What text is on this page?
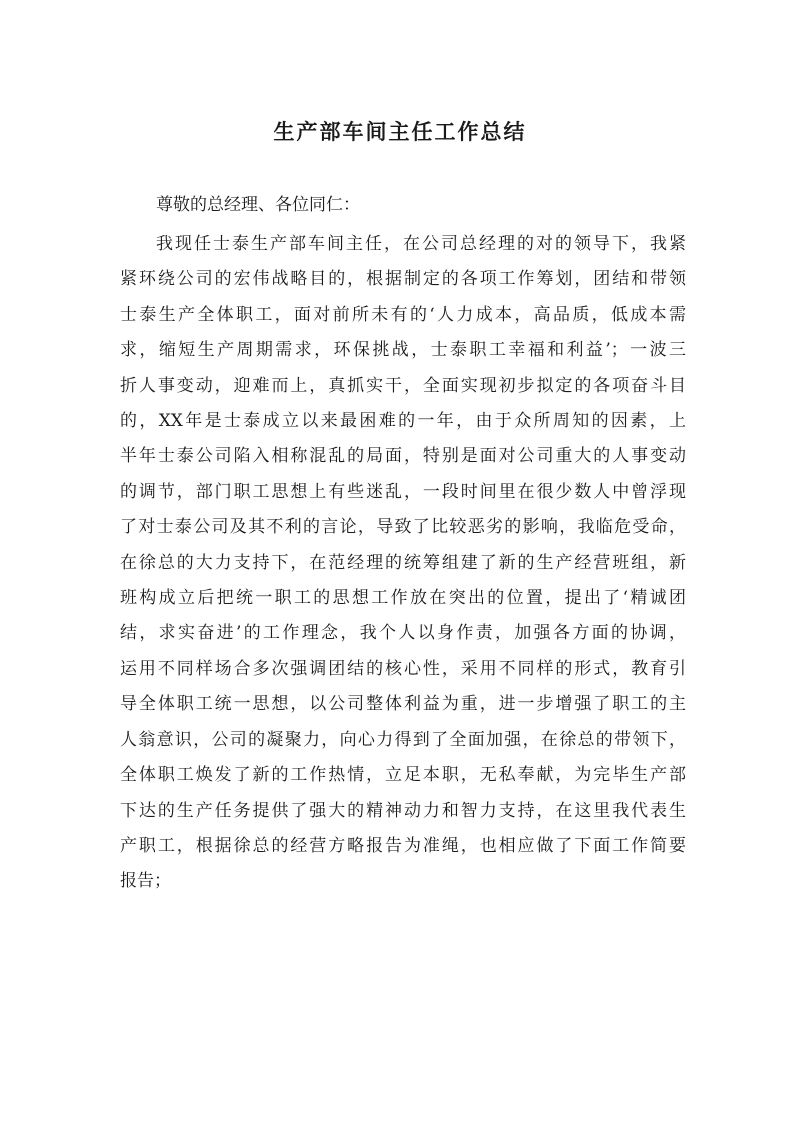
生产部车间主任工作总结

尊敬的总经理、各位同仁：

我现任士泰生产部车间主任，在公司总经理的对的领导下，我紧
紧环绕公司的宏伟战略目的，根据制定的各项工作筹划，团结和带领
士泰生产全体职工，面对前所未有的‘人力成本，高品质，低成本需
求，缩短生产周期需求，环保挑战，士泰职工幸福和利益’；一波三
折人事变动，迎难而上，真抓实干，全面实现初步拟定的各项奋斗目
的，XX年是士泰成立以来最困难的一年，由于众所周知的因素，上
半年士泰公司陷入相称混乱的局面，特别是面对公司重大的人事变动
的调节，部门职工思想上有些迷乱，一段时间里在很少数人中曾浮现
了对士泰公司及其不利的言论，导致了比较恶劣的影响，我临危受命，
在徐总的大力支持下，在范经理的统筹组建了新的生产经营班组，新
班构成立后把统一职工的思想工作放在突出的位置，提出了‘精诚团
结，求实奋进’的工作理念，我个人以身作责，加强各方面的协调，
运用不同样场合多次强调团结的核心性，采用不同样的形式，教育引
导全体职工统一思想，以公司整体利益为重，进一步增强了职工的主
人翁意识，公司的凝聚力，向心力得到了全面加强，在徐总的带领下，
全体职工焕发了新的工作热情，立足本职，无私奉献，为完毕生产部
下达的生产任务提供了强大的精神动力和智力支持，在这里我代表生
产职工，根据徐总的经营方略报告为准绳，也相应做了下面工作简要
报告；
